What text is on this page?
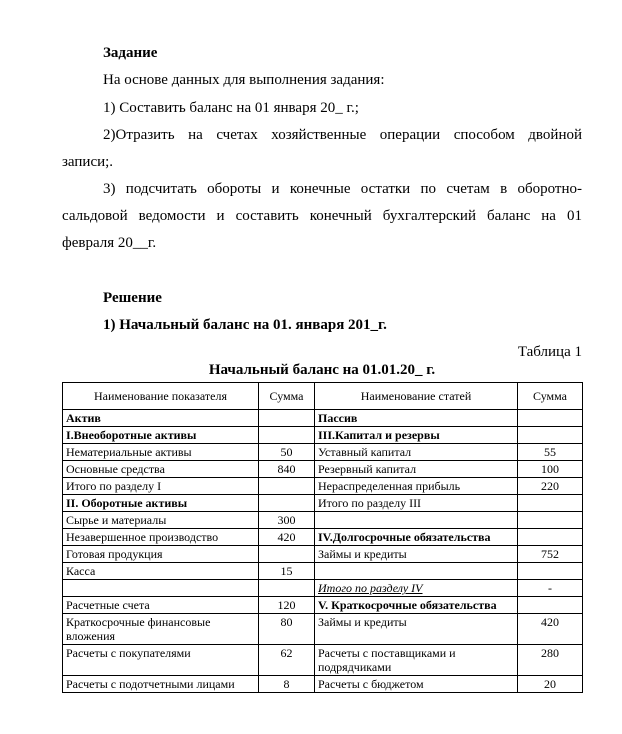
Задание
На основе данных для выполнения задания:
1) Составить баланс на 01 января 20_ г.;
2)Отразить на счетах хозяйственные операции способом двойной
записи;.
3) подсчитать обороты и конечные остатки по счетам в оборотно-
сальдовой ведомости и составить конечный бухгалтерский баланс на 01
февраля 20__г.
Решение
1) Начальный баланс на 01. января 201_г.
Таблица 1
Начальный баланс на 01.01.20_ г.
Наименование показателя	Сумма	Наименование статей	Сумма
Актив		Пассив	
I.Внеоборотные активы		III.Капитал и резервы	
Нематериальные активы	50	Уставный капитал	55
Основные средства	840	Резервный капитал	100
Итого по разделу I		Нераспределенная прибыль	220
II. Оборотные активы		Итого по разделу III	
Сырье и материалы	300		
Незавершенное производство	420	IV.Долгосрочные обязательства	
Готовая продукция		Займы и кредиты	752
Касса	15		
		Итого по разделу IV	-
Расчетные счета	120	V. Краткосрочные обязательства	
Краткосрочные финансовые вложения	80	Займы и кредиты	420
Расчеты с покупателями	62	Расчеты с поставщиками и подрядчиками	280
Расчеты с подотчетными лицами	8	Расчеты с бюджетом	20
